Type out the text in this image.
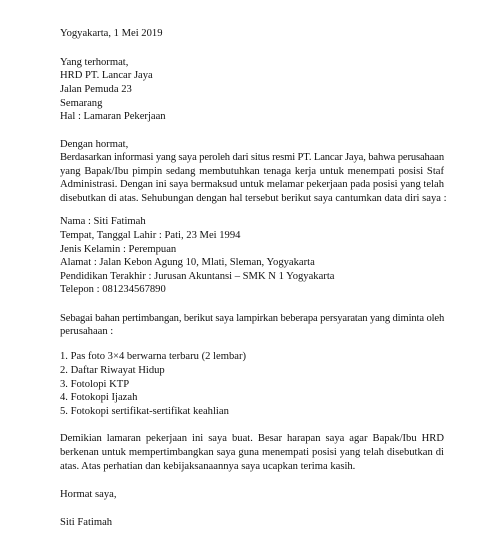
Yogyakarta, 1 Mei 2019
Yang terhormat,
HRD PT. Lancar Jaya
Jalan Pemuda 23
Semarang
Hal : Lamaran Pekerjaan
Dengan hormat,
Berdasarkan informasi yang saya peroleh dari situs resmi PT. Lancar Jaya, bahwa perusahaan
yang Bapak/Ibu pimpin sedang membutuhkan tenaga kerja untuk menempati posisi Staf
Administrasi. Dengan ini saya bermaksud untuk melamar pekerjaan pada posisi yang telah
disebutkan di atas. Sehubungan dengan hal tersebut berikut saya cantumkan data diri saya :
Nama : Siti Fatimah
Tempat, Tanggal Lahir : Pati, 23 Mei 1994
Jenis Kelamin : Perempuan
Alamat : Jalan Kebon Agung 10, Mlati, Sleman, Yogyakarta
Pendidikan Terakhir : Jurusan Akuntansi – SMK N 1 Yogyakarta
Telepon : 081234567890
Sebagai bahan pertimbangan, berikut saya lampirkan beberapa persyaratan yang diminta oleh
perusahaan :
1. Pas foto 3×4 berwarna terbaru (2 lembar)
2. Daftar Riwayat Hidup
3. Fotolopi KTP
4. Fotokopi Ijazah
5. Fotokopi sertifikat-sertifikat keahlian
Demikian lamaran pekerjaan ini saya buat. Besar harapan saya agar Bapak/Ibu HRD
berkenan untuk mempertimbangkan saya guna menempati posisi yang telah disebutkan di
atas. Atas perhatian dan kebijaksanaannya saya ucapkan terima kasih.
Hormat saya,
Siti Fatimah
